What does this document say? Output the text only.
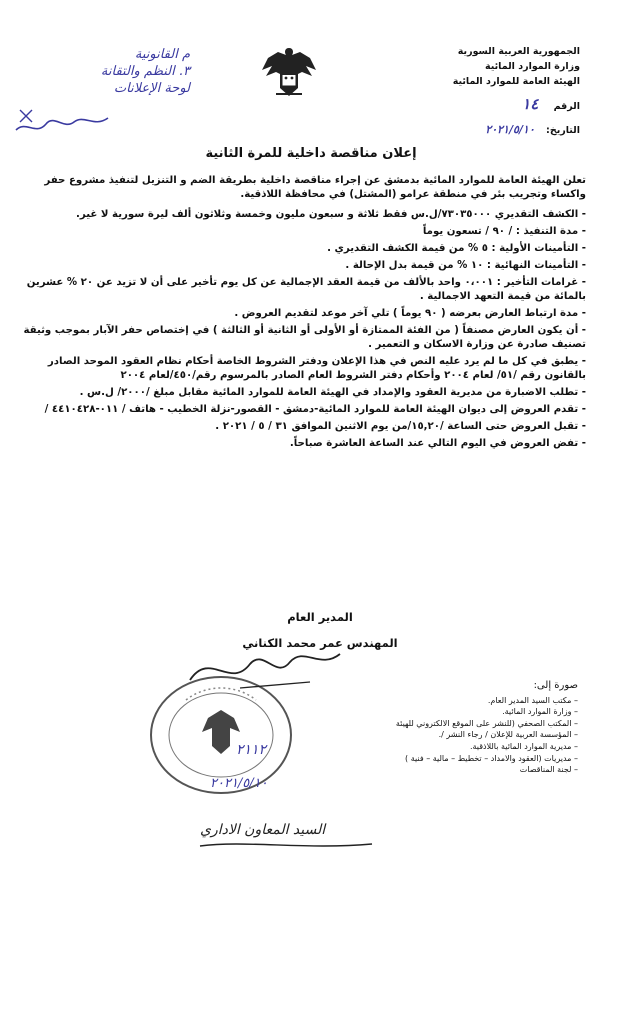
الجمهورية العربية السورية
وزارة الموارد المائية
الهيئة العامة للموارد المائية
الرقم ١٤
التاريخ: ٢٠٢١/٥/١٠
م القانونية
٣. النظم والتقانة
لوحة الإعلانات
إعلان مناقصة داخلية للمرة الثانية
تعلن الهيئة العامة للموارد المائية بدمشق عن إجراء مناقصة داخلية بطريقة الضم و التنزيل لتنفيذ مشروع حفر واكساء وتجريب بئر في منطقة عرامو (المشتل) في محافظة اللاذقية.
- الكشف التقديري ٧٣٠٣٥٠٠٠/ل.س فقط ثلاثة و سبعون مليون وخمسة وثلاثون ألف ليرة سورية لا غير.
- مدة التنفيذ : / ٩٠ / تسعون يوماً
- التأمينات الأولية : ٥ % من قيمة الكشف التقديري .
- التأمينات النهائية : ١٠ % من قيمة بدل الإحالة .
- غرامات التأخير : ٠،٠٠١ واحد بالألف من قيمة العقد الإجمالية عن كل يوم تأخير على أن لا تزيد عن ٢٠ % عشرين بالمائة من قيمة التعهد الاجمالية .
- مدة ارتباط العارض بعرضه ( ٩٠ يوماً ) تلي آخر موعد لتقديم العروض .
- أن يكون العارض مصنفاً ( من الفئة الممتازة أو الأولى أو الثانية أو الثالثة ) في إختصاص حفر الآبار بموجب وثيقة تصنيف صادرة عن وزارة الاسكان و التعمير .
- يطبق في كل ما لم يرد عليه النص في هذا الإعلان ودفتر الشروط الخاصة أحكام نظام العقود الموحد الصادر بالقانون رقم /٥١/ لعام ٢٠٠٤ وأحكام دفتر الشروط العام الصادر بالمرسوم رقم/٤٥٠/لعام ٢٠٠٤
- تطلب الاضبارة من مديرية العقود والإمداد في الهيئة العامة للموارد المائية مقابل مبلغ /٢٠٠٠/ ل.س .
- تقدم العروض إلى ديوان الهيئة العامة للموارد المائية-دمشق - القصور-نزلة الخطيب - هاتف / ٠١١-٤٤١٠٤٢٨ /
- تقبل العروض حتى الساعة /١٥,٢٠/من يوم الاثنين الموافق ٣١ / ٥ / ٢٠٢١ .
- تفض العروض في اليوم التالي عند الساعة العاشرة صباحاً.
المدير العام
المهندس عمر محمد الكناني
صورة إلى:
– مكتب السيد المدير العام.
– وزارة الموارد المائية.
– المكتب الصحفي (للنشر على الموقع الالكتروني للهيئة
– المؤسسة العربية للإعلان / رجاء النشر /.
– مديرية الموارد المائية باللاذقية.
– مديريات (العقود والامداد – تخطيط – مالية – فنية )
– لجنة المناقصات
٢١١٢
٢٠٢١/٥/١٠
السيد المعاون الاداري
